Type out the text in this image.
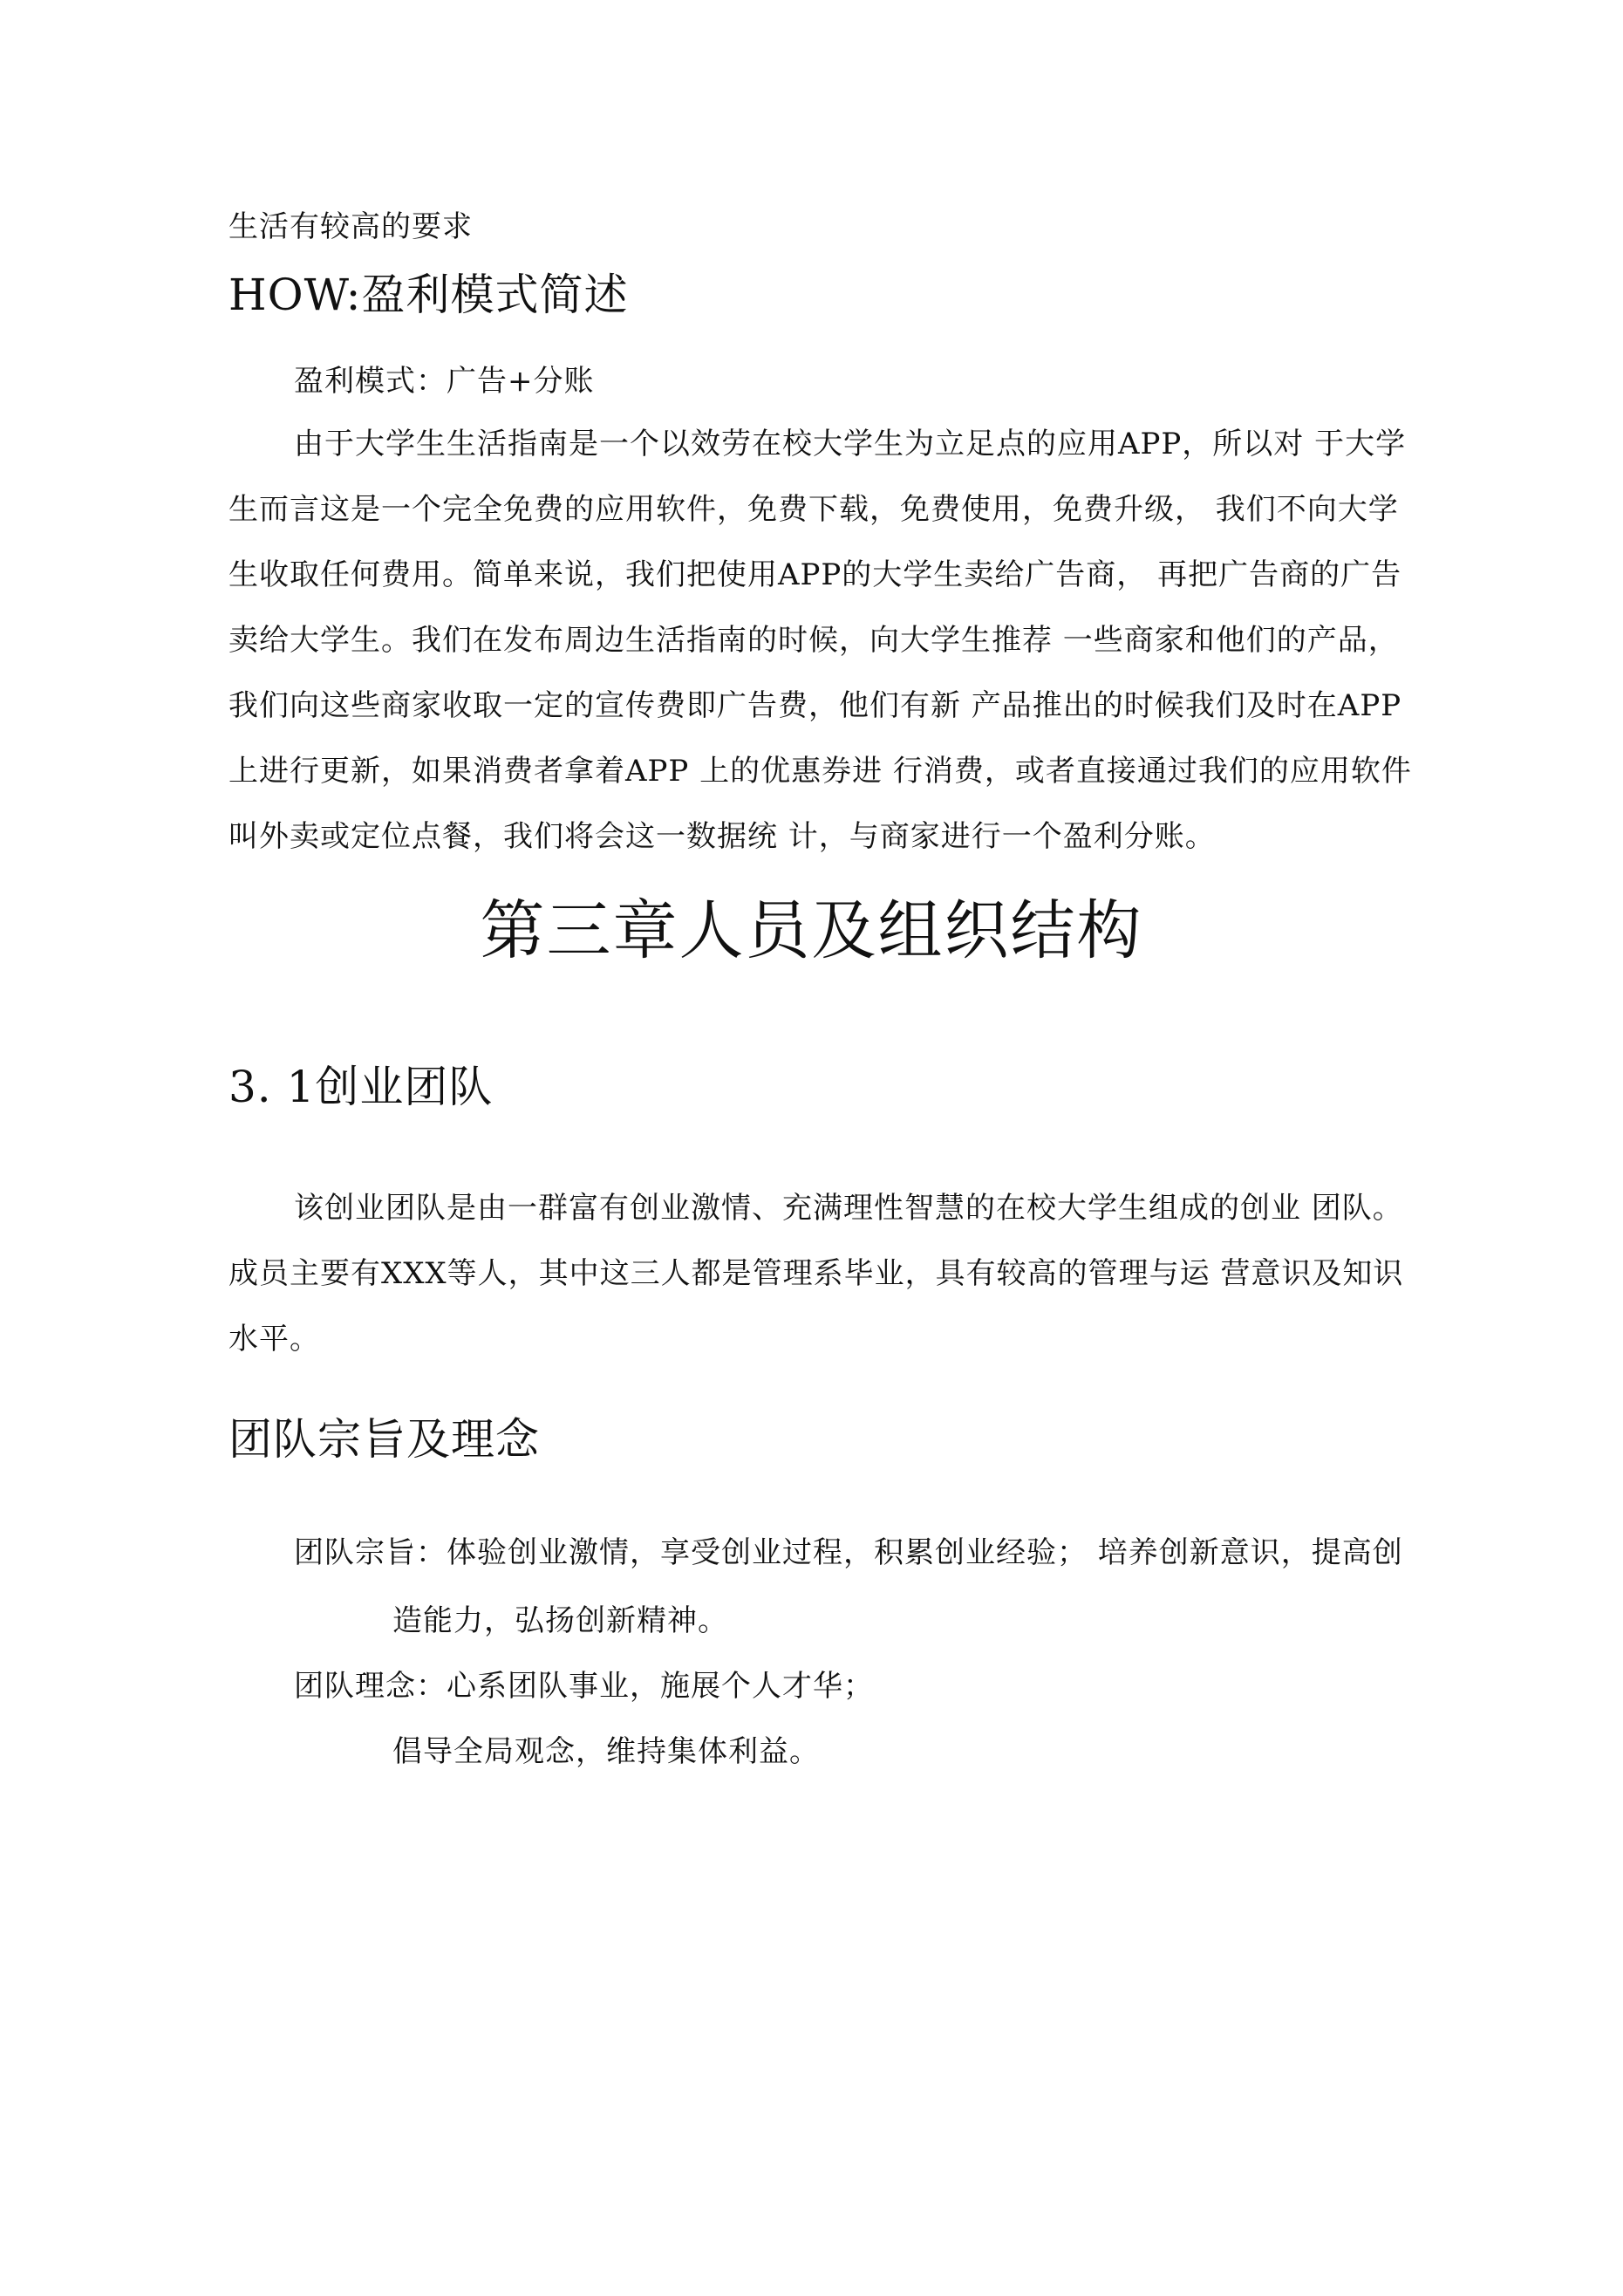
生活有较高的要求
HOW:盈利模式简述
盈利模式：广告+分账
由于大学生生活指南是一个以效劳在校大学生为立足点的应用APP，所以对 于大学
生而言这是一个完全免费的应用软件，免费下载，免费使用，免费升级， 我们不向大学
生收取任何费用。简单来说，我们把使用APP的大学生卖给广告商， 再把广告商的广告
卖给大学生。我们在发布周边生活指南的时候，向大学生推荐 一些商家和他们的产品，
我们向这些商家收取一定的宣传费即广告费，他们有新 产品推出的时候我们及时在APP
上进行更新，如果消费者拿着APP 上的优惠券进 行消费，或者直接通过我们的应用软件
叫外卖或定位点餐，我们将会这一数据统 计，与商家进行一个盈利分账。
第三章人员及组织结构
3. 1创业团队
该创业团队是由一群富有创业激情、充满理性智慧的在校大学生组成的创业 团队。
成员主要有XXX等人，其中这三人都是管理系毕业，具有较高的管理与运 营意识及知识
水平。
团队宗旨及理念
团队宗旨：体验创业激情，享受创业过程，积累创业经验； 培养创新意识，提高创
造能力，弘扬创新精神。
团队理念：心系团队事业，施展个人才华；
倡导全局观念，维持集体利益。
